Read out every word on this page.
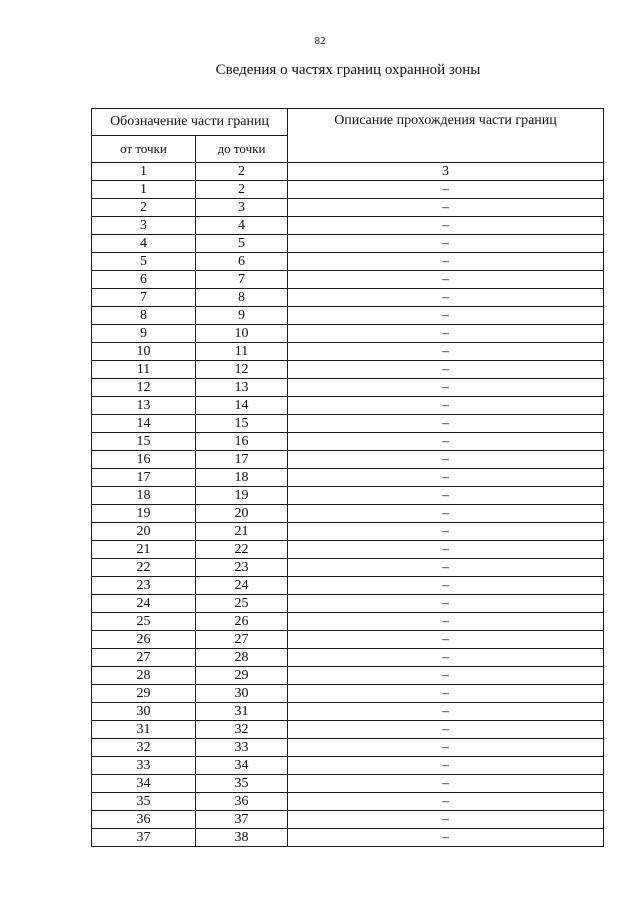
82
Сведения о частях границ охранной зоны
Обозначение части границ		Описание прохождения части границ
от точки	до точки	
1	2	3
1	2	–
2	3	–
3	4	–
4	5	–
5	6	–
6	7	–
7	8	–
8	9	–
9	10	–
10	11	–
11	12	–
12	13	–
13	14	–
14	15	–
15	16	–
16	17	–
17	18	–
18	19	–
19	20	–
20	21	–
21	22	–
22	23	–
23	24	–
24	25	–
25	26	–
26	27	–
27	28	–
28	29	–
29	30	–
30	31	–
31	32	–
32	33	–
33	34	–
34	35	–
35	36	–
36	37	–
37	38	–
